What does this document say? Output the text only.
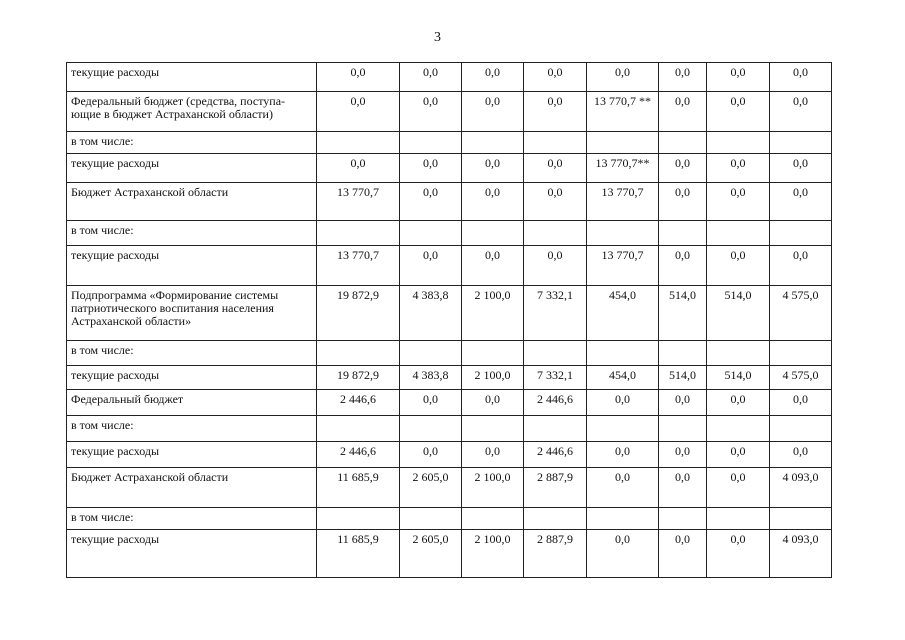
3
текущие расходы	0,0	0,0	0,0	0,0	0,0	0,0	0,0	0,0
Федеральный бюджет (средства, поступа-ющие в бюджет Астраханской области)	0,0	0,0	0,0	0,0	13 770,7 **	0,0	0,0	0,0
в том числе:								
текущие расходы	0,0	0,0	0,0	0,0	13 770,7**	0,0	0,0	0,0
Бюджет Астраханской области	13 770,7	0,0	0,0	0,0	13 770,7	0,0	0,0	0,0
в том числе:								
текущие расходы	13 770,7	0,0	0,0	0,0	13 770,7	0,0	0,0	0,0
Подпрограмма «Формирование системы патриотического воспитания населения Астраханской области»	19 872,9	4 383,8	2 100,0	7 332,1	454,0	514,0	514,0	4 575,0
в том числе:								
текущие расходы	19 872,9	4 383,8	2 100,0	7 332,1	454,0	514,0	514,0	4 575,0
Федеральный бюджет	2 446,6	0,0	0,0	2 446,6	0,0	0,0	0,0	0,0
в том числе:								
текущие расходы	2 446,6	0,0	0,0	2 446,6	0,0	0,0	0,0	0,0
Бюджет Астраханской области	11 685,9	2 605,0	2 100,0	2 887,9	0,0	0,0	0,0	4 093,0
в том числе:								
текущие расходы	11 685,9	2 605,0	2 100,0	2 887,9	0,0	0,0	0,0	4 093,0
